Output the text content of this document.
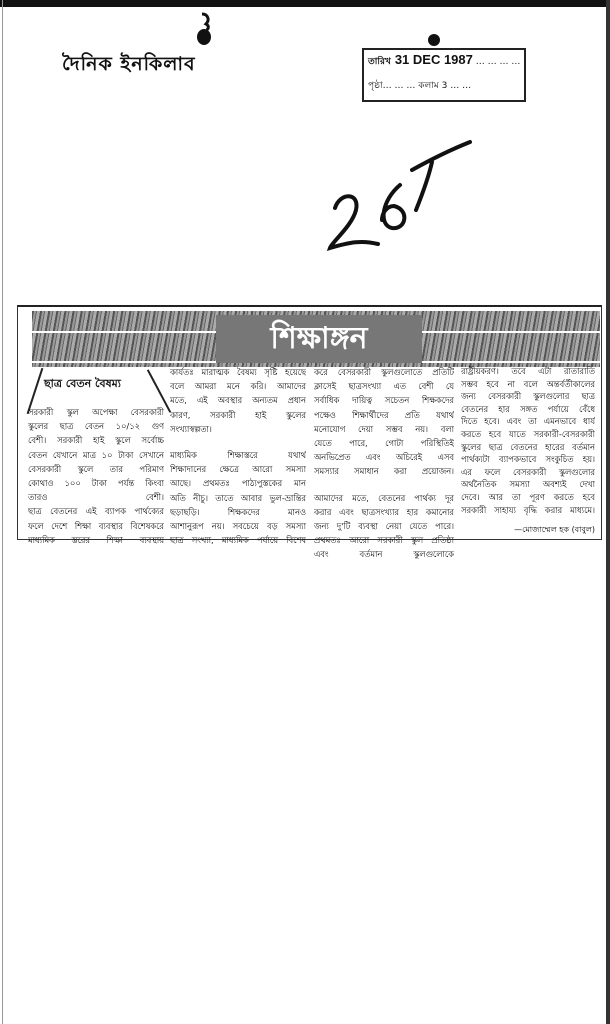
দৈনিক ইনকিলাব	তারিখ 31 DEC 1987 … … … …
পৃষ্ঠা… … … কলাম 3 … …
267
শিক্ষাঙ্গন
ছাত্র বেতন বৈষম্য
সরকারী স্কুল অপেক্ষা বেসরকারী
স্কুলের ছাত্র বেতন ১০/১২ গুণ
বেশী। সরকারী হাই স্কুলে সর্বোচ্চ
বেতন যেখানে মাত্র ১০ টাকা সেখানে
বেসরকারী স্কুলে তার পরিমাণ
কোথাও ১০০ টাকা পর্যন্ত কিংবা
তারও বেশী।
ছাত্র বেতনের এই ব্যাপক পার্থক্যের
ফলে দেশে শিক্ষা ব্যবস্থার বিশেষকরে
মাধ্যমিক স্তরের শিক্ষা ব্যবস্থায়
কার্যতঃ মারাত্মক বৈষম্য সৃষ্টি হয়েছে
বলে আমরা মনে করি। আমাদের
মতে, এই অবস্থার অন্যতম প্রধান
কারণ, সরকারী হাই স্কুলের
সংখ্যাস্বল্পতা।
মাধ্যমিক শিক্ষাস্তরে যথার্থ
শিক্ষাদানের ক্ষেত্রে আরো সমস্যা
আছে। প্রথমতঃ পাঠ্যপুস্তকের মান
অতি নীচু। তাতে আবার ভুল-ভ্রান্তির
ছড়াছড়ি। শিক্ষকদের মানও
আশানুরূপ নয়। সবচেয়ে বড় সমস্যা
ছাত্র সংখ্যা, মাধ্যমিক পর্যায়ে বিশেষ
করে বেসরকারী স্কুলগুলোতে প্রতিটি
ক্লাসেই ছাত্রসংখ্যা এত বেশী যে
সর্বাধিক দায়িত্ব সচেতন শিক্ষকদের
পক্ষেও শিক্ষার্থীদের প্রতি যথার্থ
মনোযোগ দেয়া সম্ভব নয়। বলা
যেতে পারে, গোটা পরিস্থিতিই
অনভিপ্রেত এবং অচিরেই এসব
সমস্যার সমাধান করা প্রয়োজন।
আমাদের মতে, বেতনের পার্থক্য দূর
করার এবং ছাত্রসংখ্যার হার কমানোর
জন্য দু'টি ব্যবস্থা নেয়া যেতে পারে।
প্রথমতঃ আরো সরকারী স্কুল প্রতিষ্ঠা
এবং বর্তমান স্কুলগুলোকে
রাষ্ট্রীয়করণ। তবে এটা রাতারাতি
সম্ভব হবে না বলে অন্তর্বর্তীকালের
জন্য বেসরকারী স্কুলগুলোর ছাত্র
বেতনের হার সঙ্গত পর্যায়ে বেঁধে
দিতে হবে। এবং তা এমনভাবে ধার্য
করতে হবে যাতে সরকারী-বেসরকারী
স্কুলের ছাত্র বেতনের হারের বর্তমান
পার্থক্যটা ব্যাপকভাবে সংকুচিত হয়।
এর ফলে বেসরকারী স্কুলগুলোর
অর্থনৈতিক সমস্যা অবশ্যই দেখা
দেবে। আর তা পূরণ করতে হবে
সরকারী সাহায্য বৃদ্ধি করার মাধ্যমে।
—মোজাম্মেল হক (বাবুল)
